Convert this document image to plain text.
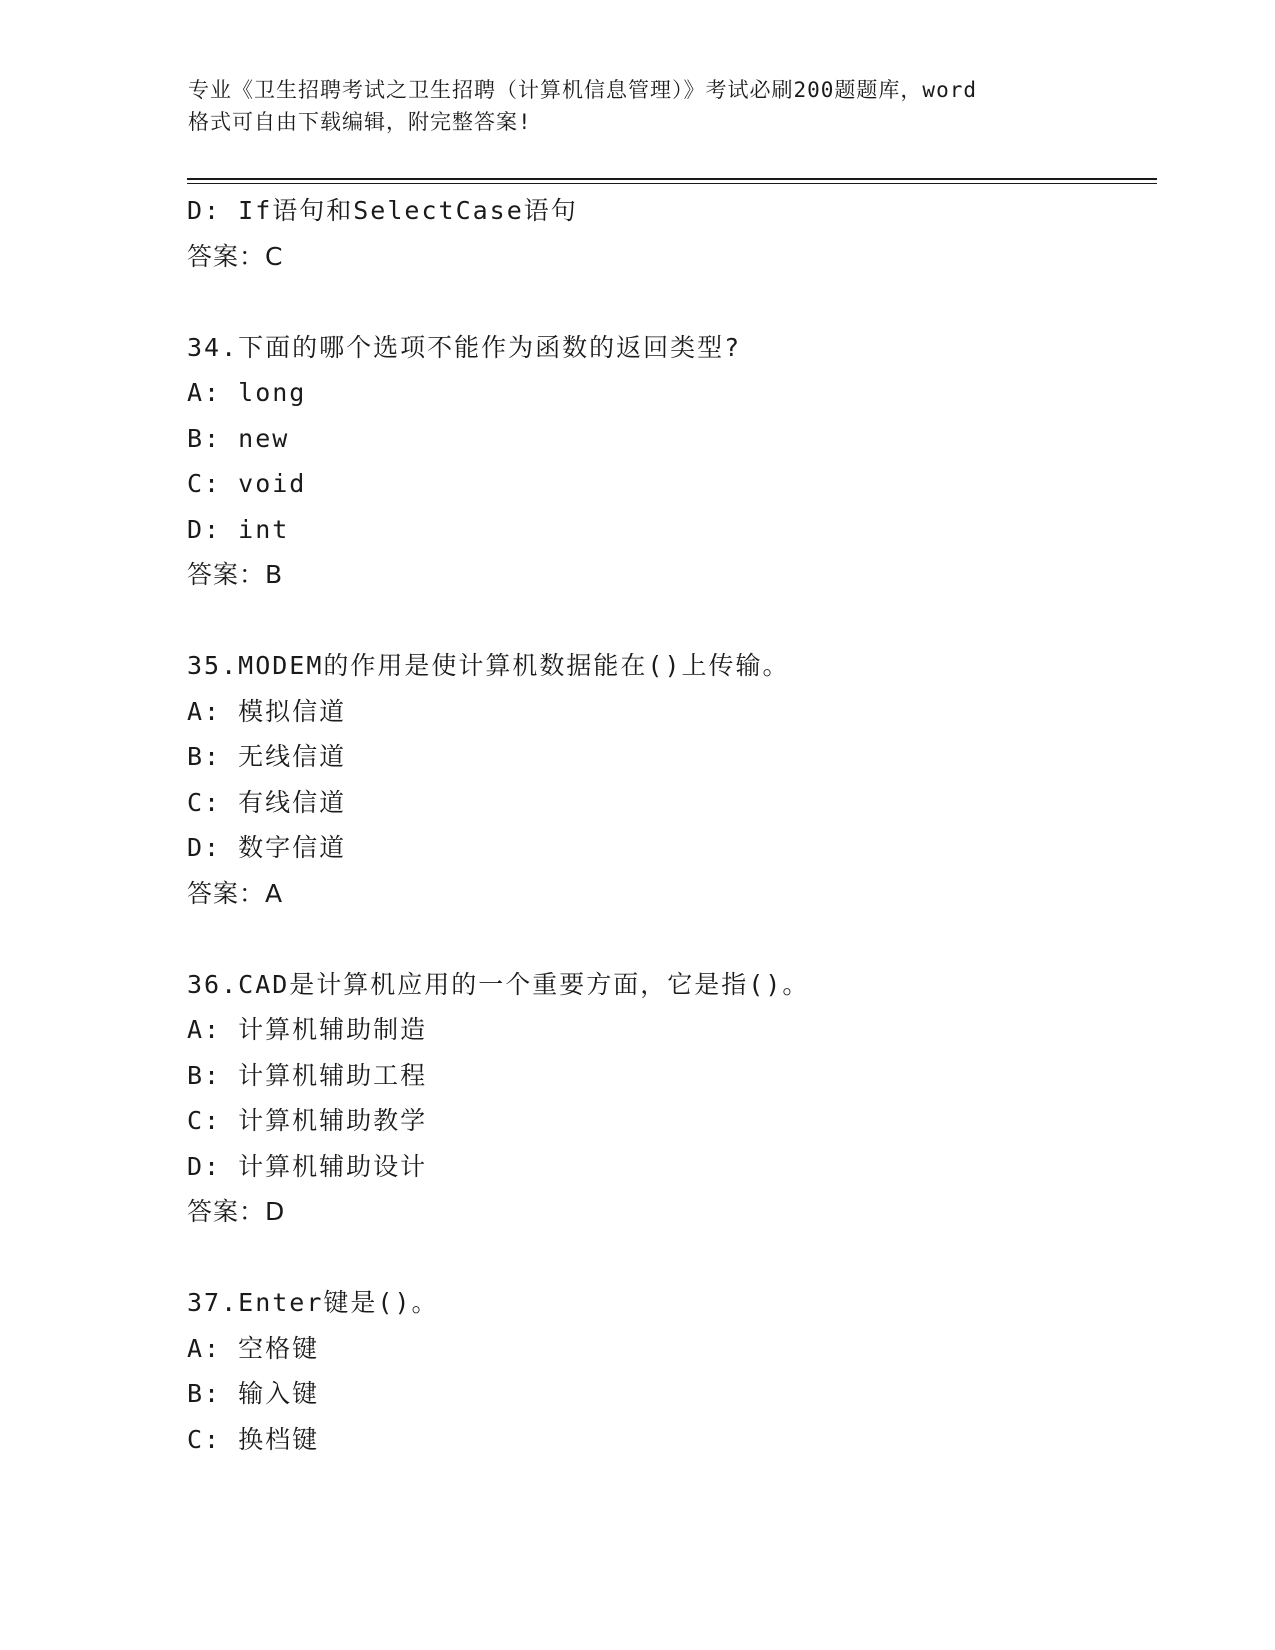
专业《卫生招聘考试之卫生招聘（计算机信息管理）》考试必刷200题题库，word
格式可自由下载编辑，附完整答案!
D: If语句和SelectCase语句
答案：C
34.下面的哪个选项不能作为函数的返回类型?
A: long
B: new
C: void
D: int
答案：B
35.MODEM的作用是使计算机数据能在()上传输。
A: 模拟信道
B: 无线信道
C: 有线信道
D: 数字信道
答案：A
36.CAD是计算机应用的一个重要方面，它是指()。
A: 计算机辅助制造
B: 计算机辅助工程
C: 计算机辅助教学
D: 计算机辅助设计
答案：D
37.Enter键是()。
A: 空格键
B: 输入键
C: 换档键
